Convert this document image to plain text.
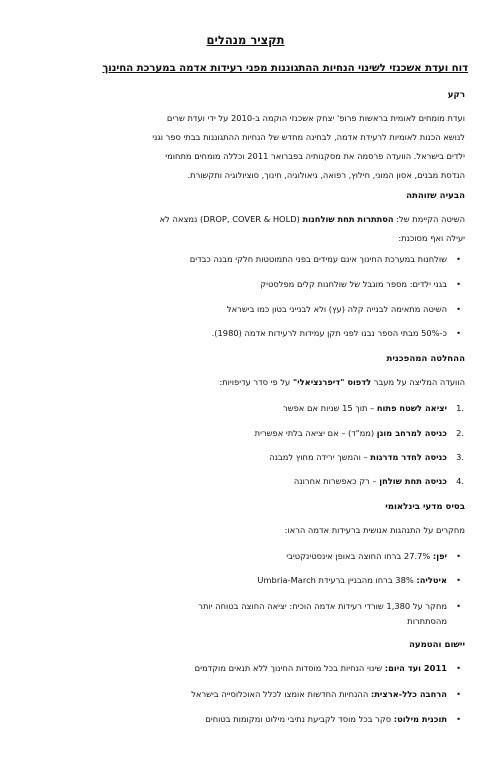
תקציר מנהלים
דוח ועדת אשכנזי לשינוי הנחיות ההתגוננות מפני רעידות אדמה במערכת החינוך
רקע
ועדת מומחים לאומית בראשות פרופ' יצחק אשכנזי הוקמה ב-2010 על ידי ועדת שרים
לנושא הכנות לאומיות לרעידת אדמה, לבחינה מחדש של הנחיות ההתגוננות בבתי ספר וגני
ילדים בישראל. הוועדה פרסמה את מסקנותיה בפברואר 2011 וכללה מומחים מתחומי
הנדסת מבנים, אסון המוני, חילוץ, רפואה, גיאולוגיה, חינוך, סוציולוגיה ותקשורת.
הבעיה שזוהתה
השיטה הקיימת של: הסתתרות תחת שולחנות (DROP, COVER & HOLD) נמצאה לא
יעילה ואף מסוכנת:
•
שולחנות במערכת החינוך אינם עמידים בפני התמוטטות חלקי מבנה כבדים
•
בגני ילדים: מספר מוגבל של שולחנות קלים מפלסטיק
•
השיטה מתאימה לבנייה קלה (עץ) ולא לבנייני בטון כמו בישראל
•
כ-50% מבתי הספר נבנו לפני תקן עמידות לרעידות אדמה (1980).
ההחלטה המהפכנית
הוועדה המליצה על מעבר לדפוס "דיפרנציאלי" על פי סדר עדיפויות:
1.
יציאה לשטח פתוח – תוך 15 שניות אם אפשר
2.
כניסה למרחב מוגן (ממ"ד) – אם יציאה בלתי אפשרית
3.
כניסה לחדר מדרגות – והמשך ירידה מחוץ למבנה
4.
כניסה תחת שולחן – רק כאפשרות אחרונה
בסיס מדעי בינלאומי
מחקרים על התנהגות אנושית ברעידות אדמה הראו:
•
יפן: 27.7% ברחו החוצה באופן אינסטינקטיבי
•
איטליה: 38% ברחו מהבניין ברעידת Umbria-March
•
מחקר על 1,380 שורדי רעידות אדמה הוכיח: יציאה החוצה בטוחה יותר
מהסתתרות
יישום והטמעה
•
2011 ועד היום: שינוי הנחיות בכל מוסדות החינוך ללא תנאים מוקדמים
•
הרחבה כלל-ארצית: ההנחיות החדשות אומצו לכלל האוכלוסייה בישראל
•
תוכנית מילוט: סקר בכל מוסד לקביעת נתיבי מילוט ומקומות בטוחים
